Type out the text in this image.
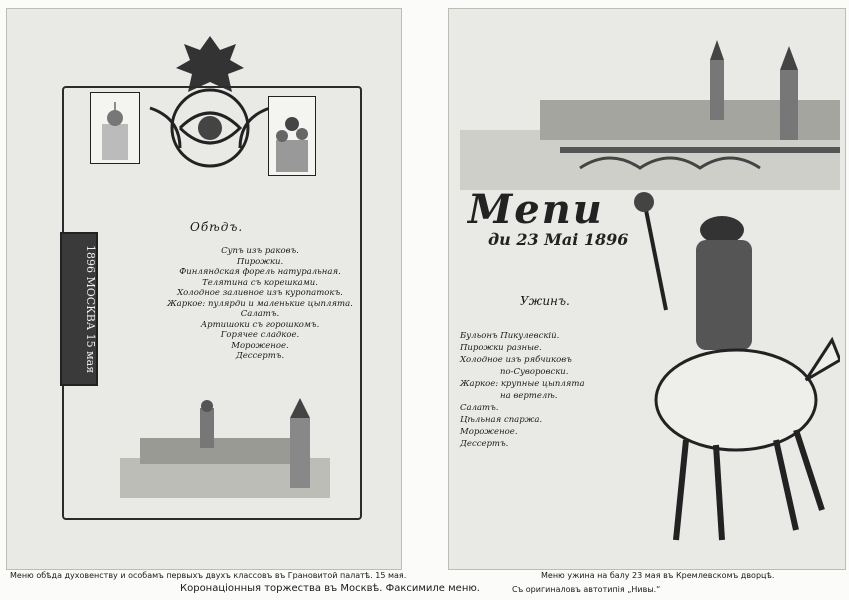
1896 МОСКВА 15 мая
Обѣдъ.
Супъ изъ раковъ.
Пирожки.
Финляндская форель натуральная.
Телятина съ корешками.
Холодное заливное изъ куропатокъ.
Жаркое: пулярди и маленькие цыплята.
Салатъ.
Артишоки съ горошкомъ.
Горячее сладкое.
Мороженое.
Дессертъ.
Menu
дu 23 Mai 1896
Ужинъ.
Бульонъ Пикулевскій.
Пирожки разные.
Холодное изъ рябчиковъ
по-Суворовски.
Жаркое: крупные цыплята
на вертелѣ.
Салатъ.
Цѣльная спаржа.
Мороженое.
Дессертъ.
Меню обѣда духовенству и особамъ первыхъ двухъ классовъ въ Грановитой палатѣ. 15 мая.	Меню ужина на балу 23 мая въ Кремлевскомъ дворцѣ.
Коронаціонныя торжества въ Москвѣ. Факсимиле меню.	Съ оригиналовъ автотипія „Нивы.“
